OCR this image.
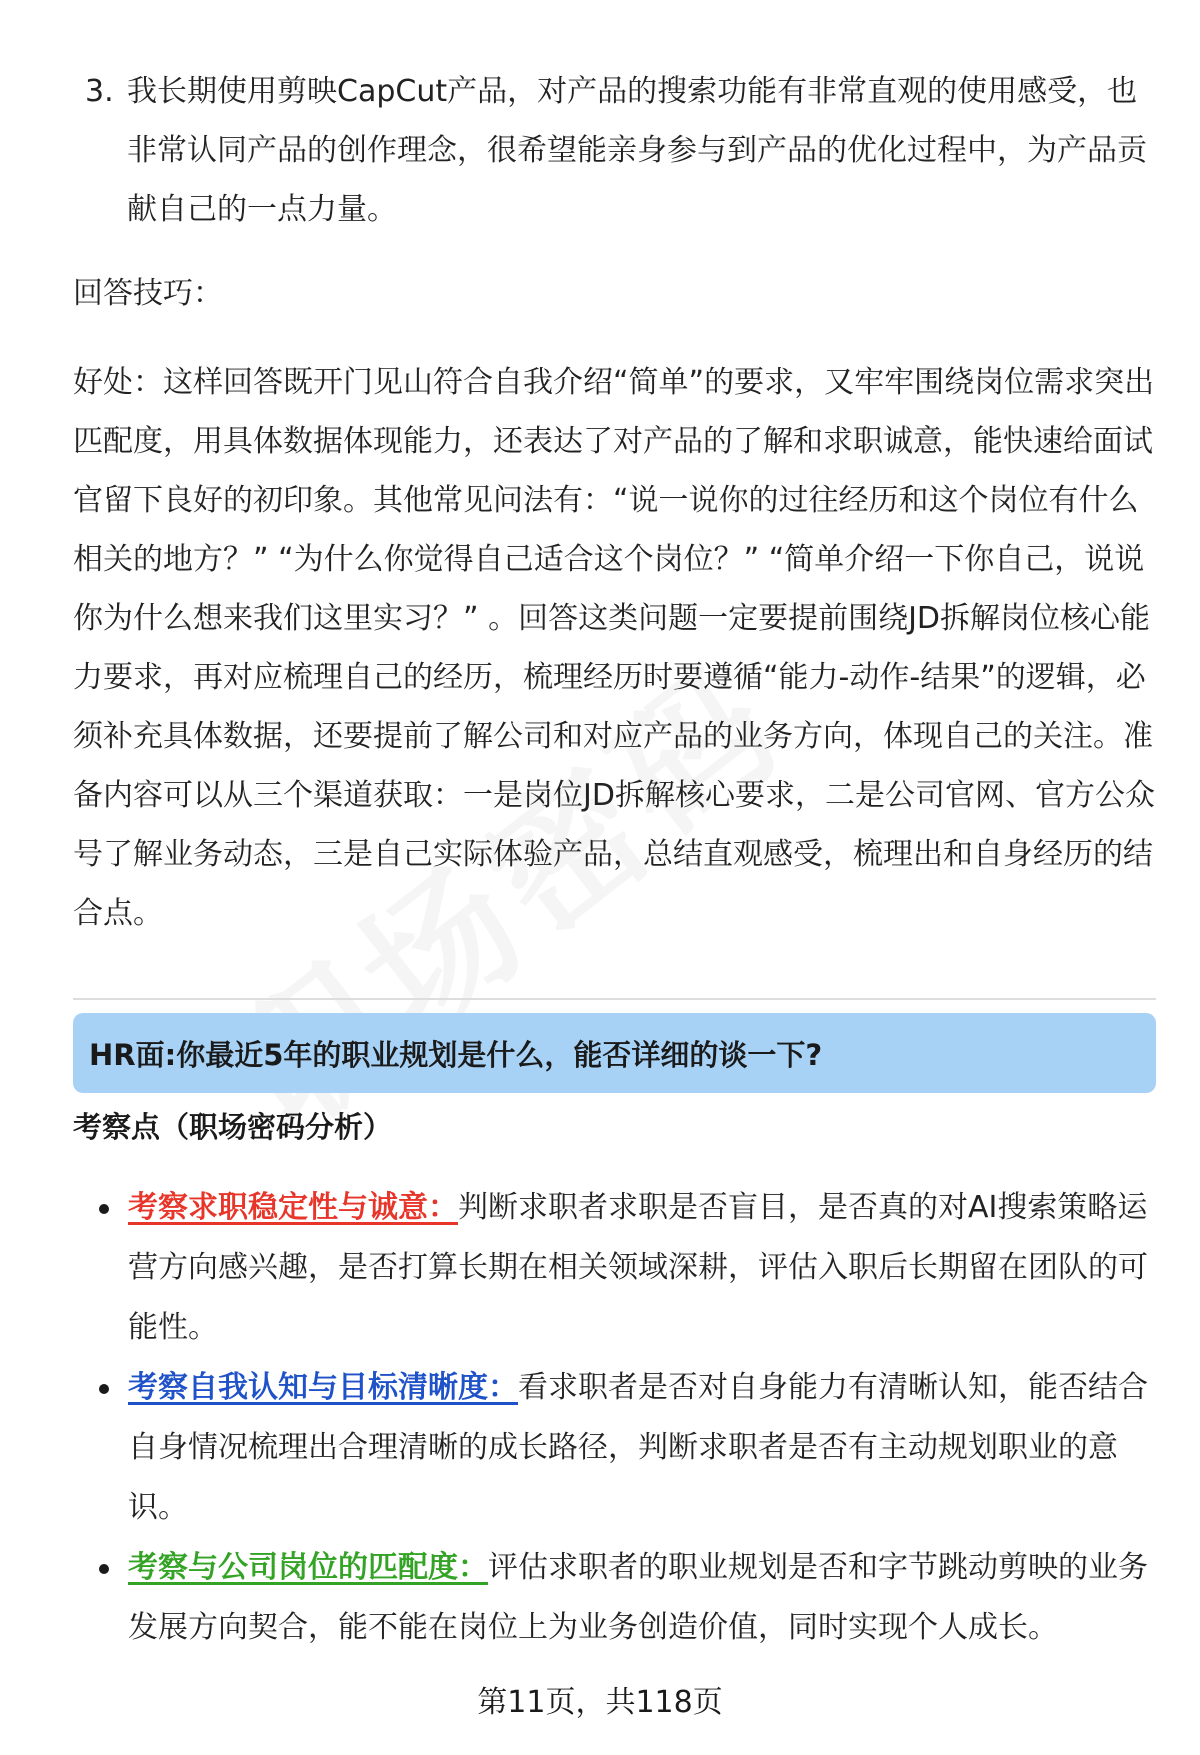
3. 我长期使用剪映CapCut产品，对产品的搜索功能有非常直观的使用感受，也非常认同产品的创作理念，很希望能亲身参与到产品的优化过程中，为产品贡献自己的一点力量。
回答技巧：
好处：这样回答既开门见山符合自我介绍“简单”的要求，又牢牢围绕岗位需求突出匹配度，用具体数据体现能力，还表达了对产品的了解和求职诚意，能快速给面试官留下良好的初印象。其他常见问法有：“说一说你的过往经历和这个岗位有什么相关的地方？” “为什么你觉得自己适合这个岗位？” “简单介绍一下你自己，说说你为什么想来我们这里实习？” 。回答这类问题一定要提前围绕JD拆解岗位核心能力要求，再对应梳理自己的经历，梳理经历时要遵循“能力-动作-结果”的逻辑，必须补充具体数据，还要提前了解公司和对应产品的业务方向，体现自己的关注。准备内容可以从三个渠道获取：一是岗位JD拆解核心要求，二是公司官网、官方公众号了解业务动态，三是自己实际体验产品，总结直观感受，梳理出和自身经历的结合点。
HR面:你最近5年的职业规划是什么，能否详细的谈一下?
考察点（职场密码分析）
考察求职稳定性与诚意：判断求职者求职是否盲目，是否真的对AI搜索策略运营方向感兴趣，是否打算长期在相关领域深耕，评估入职后长期留在团队的可能性。
考察自我认知与目标清晰度：看求职者是否对自身能力有清晰认知，能否结合自身情况梳理出合理清晰的成长路径，判断求职者是否有主动规划职业的意识。
考察与公司岗位的匹配度：评估求职者的职业规划是否和字节跳动剪映的业务发展方向契合，能不能在岗位上为业务创造价值，同时实现个人成长。
第11页，共118页
